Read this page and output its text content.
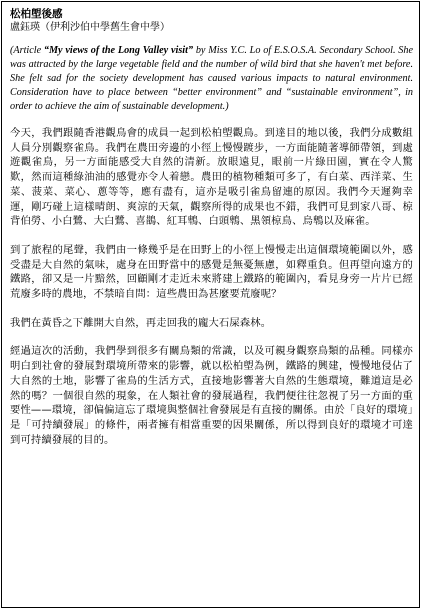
松柏塱後感

盧鈺瑛（伊利沙伯中學舊生會中學）

(Article “My views of the Long Valley visit” by Miss Y.C. Lo of E.S.O.S.A. Secondary School. She was attracted by the large vegetable field and the number of wild bird that she haven't met before. She felt sad for the society development has caused various impacts to natural environment. Consideration have to place between “better environment” and “sustainable environment”, in order to achieve the aim of sustainable development.)

今天，我們跟隨香港觀鳥會的成員一起到松柏塱觀鳥。到達目的地以後，我們分成數組人員分別觀察雀鳥。我們在農田旁邊的小徑上慢慢踱步，一方面能隨著導師帶領，到處遊觀雀鳥，另一方面能感受大自然的清新。放眼遠見，眼前一片綠田園，實在令人驚歎，然而這種綠油油的感覺亦令人着戀。農田的植物種類可多了，有白菜、西洋菜、生菜、菠菜、菜心、蔥等等，應有盡有，這亦是吸引雀鳥留連的原因。我們今天遲夠幸運，剛巧碰上這樣晴朗、爽涼的天氣，觀察所得的成果也不錯，我們可見到家八哥、椋背伯勞、小白鷺、大白鷺、喜鵲、紅耳鵯、白頭鵯、黑領椋鳥、烏鵯以及麻雀。

到了旅程的尾聲，我們由一條幾乎是在田野上的小徑上慢慢走出這個環境範圍以外，感受盡是大自然的氣味，處身在田野當中的感覺是無憂無慮，如釋重負。但再望向遠方的鐵路，卻又是一片黯然，回顧剛才走近未來將建上鐵路的範圍內，看見身旁一片片已經荒廢多時的農地，不禁暗自問：這些農田為甚麼要荒廢呢？

我們在黃昏之下離開大自然，再走回我的龐大石屎森林。

經過這次的活動，我們學到很多有關鳥類的常識，以及可親身觀察鳥類的品種。同樣亦明白到社會的發展對環境所帶來的影響，就以松柏塱為例，鐵路的興建，慢慢地侵佔了大自然的土地，影響了雀鳥的生活方式，直接地影響著大自然的生態環境，難道這是必然的嗎？一個很自然的現象，在人類社會的發展過程，我們便往往忽視了另一方面的重要性——環境，卻偏偏這忘了環境與整個社會發展是有直接的關係。由於「良好的環境」是「可持續發展」的條件，兩者擁有相當重要的因果關係，所以得到良好的環境才可達到可持續發展的目的。
